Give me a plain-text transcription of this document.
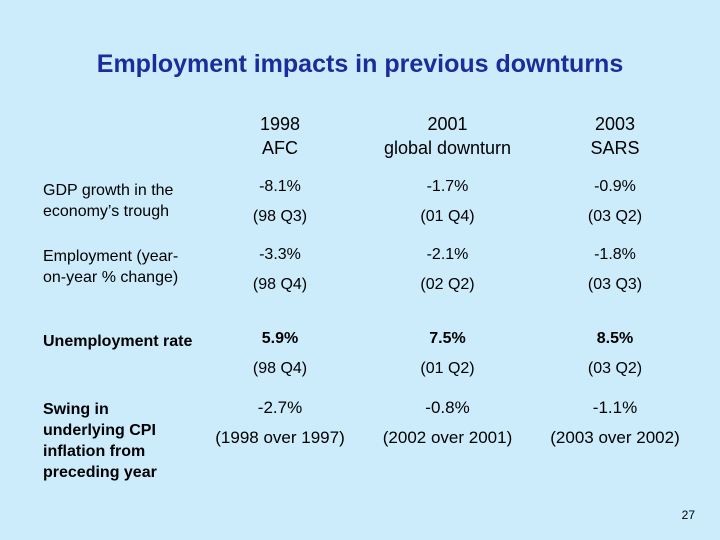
Employment impacts in previous downturns
1998
AFC
2001
global downturn
2003
SARS
GDP growth in the economy’s trough
-8.1%
(98 Q3)
-1.7%
(01 Q4)
-0.9%
(03 Q2)
Employment (year-on-year % change)
-3.3%
(98 Q4)
-2.1%
(02 Q2)
-1.8%
(03 Q3)
Unemployment rate	5.9%
(98 Q4)
7.5%
(01 Q2)
8.5%
(03 Q2)
Swing in underlying CPI inflation from preceding year
-2.7%
(1998 over 1997)
-0.8%
(2002 over 2001)
-1.1%
(2003 over 2002)
27
